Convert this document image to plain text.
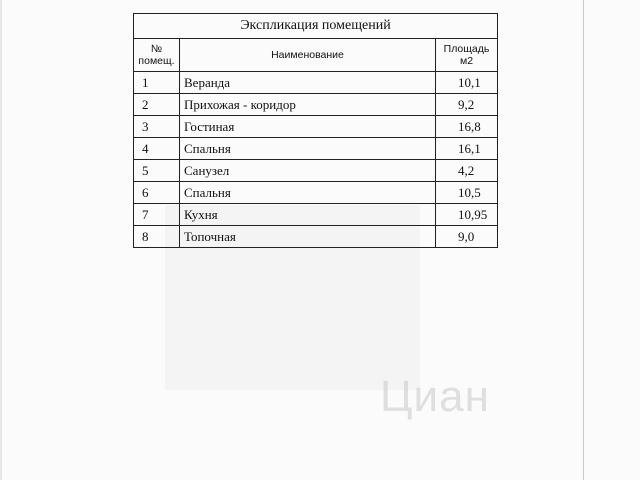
Циан
Экспликация помещений		
№ помещ.	Наименование	Площадь м2
1	Веранда	10,1
2	Прихожая - коридор	9,2
3	Гостиная	16,8
4	Спальня	16,1
5	Санузел	4,2
6	Спальня	10,5
7	Кухня	10,95
8	Топочная	9,0
